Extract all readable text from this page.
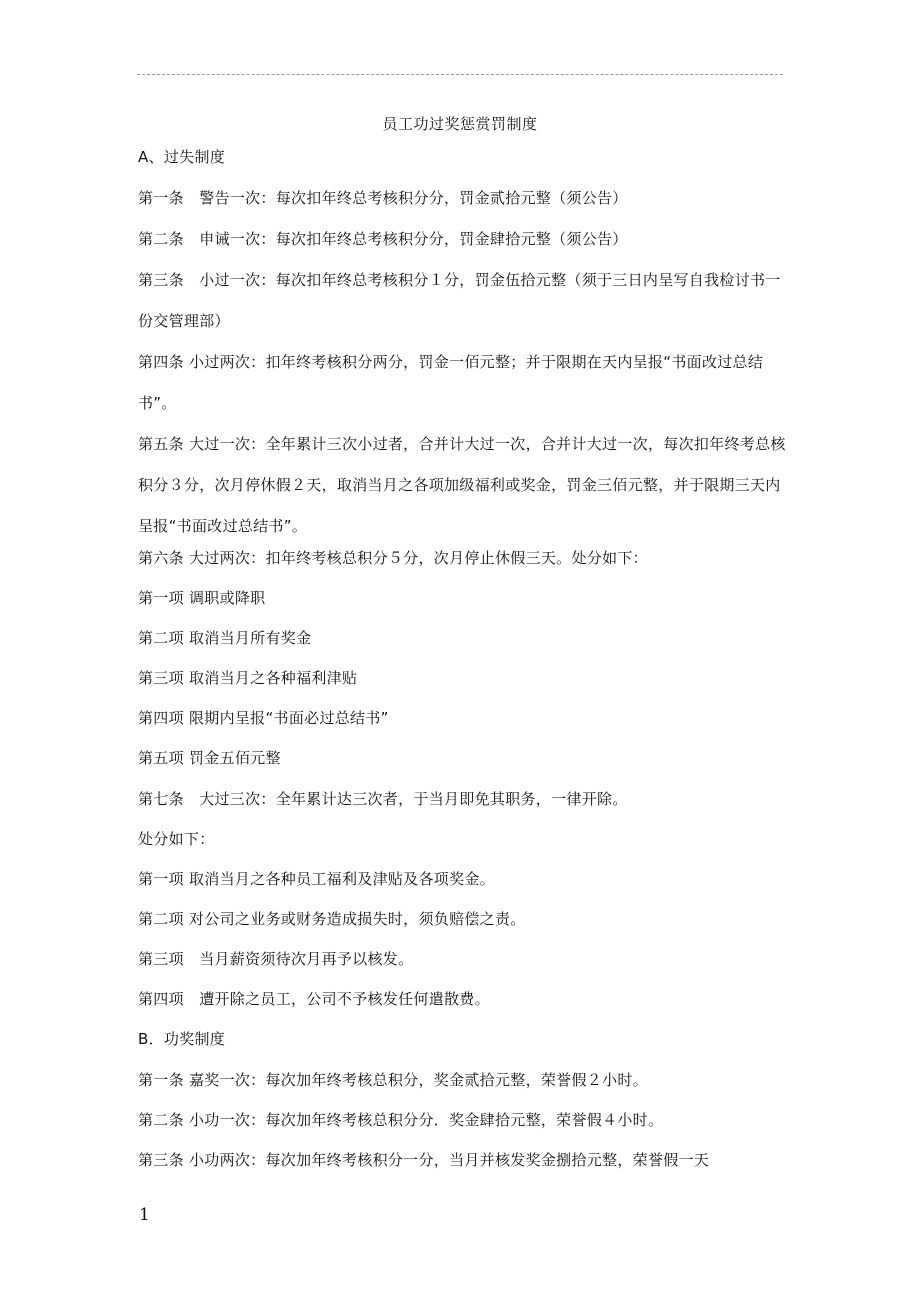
员工功过奖惩赏罚制度
A、过失制度
第一条　警告一次：每次扣年终总考核积分分，罚金贰拾元整（须公告）
第二条　申诫一次：每次扣年终总考核积分分，罚金肆拾元整（须公告）
第三条　小过一次：每次扣年终总考核积分１分，罚金伍拾元整（须于三日内呈写自我检讨书一份交管理部）
第四条 小过两次：扣年终考核积分两分，罚金一佰元整；并于限期在天内呈报“书面改过总结书”。
第五条 大过一次：全年累计三次小过者，合并计大过一次，合并计大过一次，每次扣年终考总核积分３分，次月停休假２天，取消当月之各项加级福利或奖金，罚金三佰元整，并于限期三天内呈报“书面改过总结书”。
第六条 大过两次：扣年终考核总积分５分，次月停止休假三天。处分如下：
第一项 调职或降职
第二项 取消当月所有奖金
第三项 取消当月之各种福利津贴
第四项 限期内呈报“书面必过总结书”
第五项 罚金五佰元整
第七条　大过三次：全年累计达三次者，于当月即免其职务，一律开除。
处分如下：
第一项 取消当月之各种员工福利及津贴及各项奖金。
第二项 对公司之业务或财务造成损失时，须负赔偿之责。
第三项　当月薪资须待次月再予以核发。
第四项　遭开除之员工，公司不予核发任何遣散费。
B．功奖制度
第一条 嘉奖一次：每次加年终考核总积分，奖金贰拾元整，荣誉假２小时。
第二条 小功一次：每次加年终考核总积分分．奖金肆拾元整，荣誉假４小时。
第三条 小功两次：每次加年终考核积分一分，当月并核发奖金捌拾元整，荣誉假一天
1
